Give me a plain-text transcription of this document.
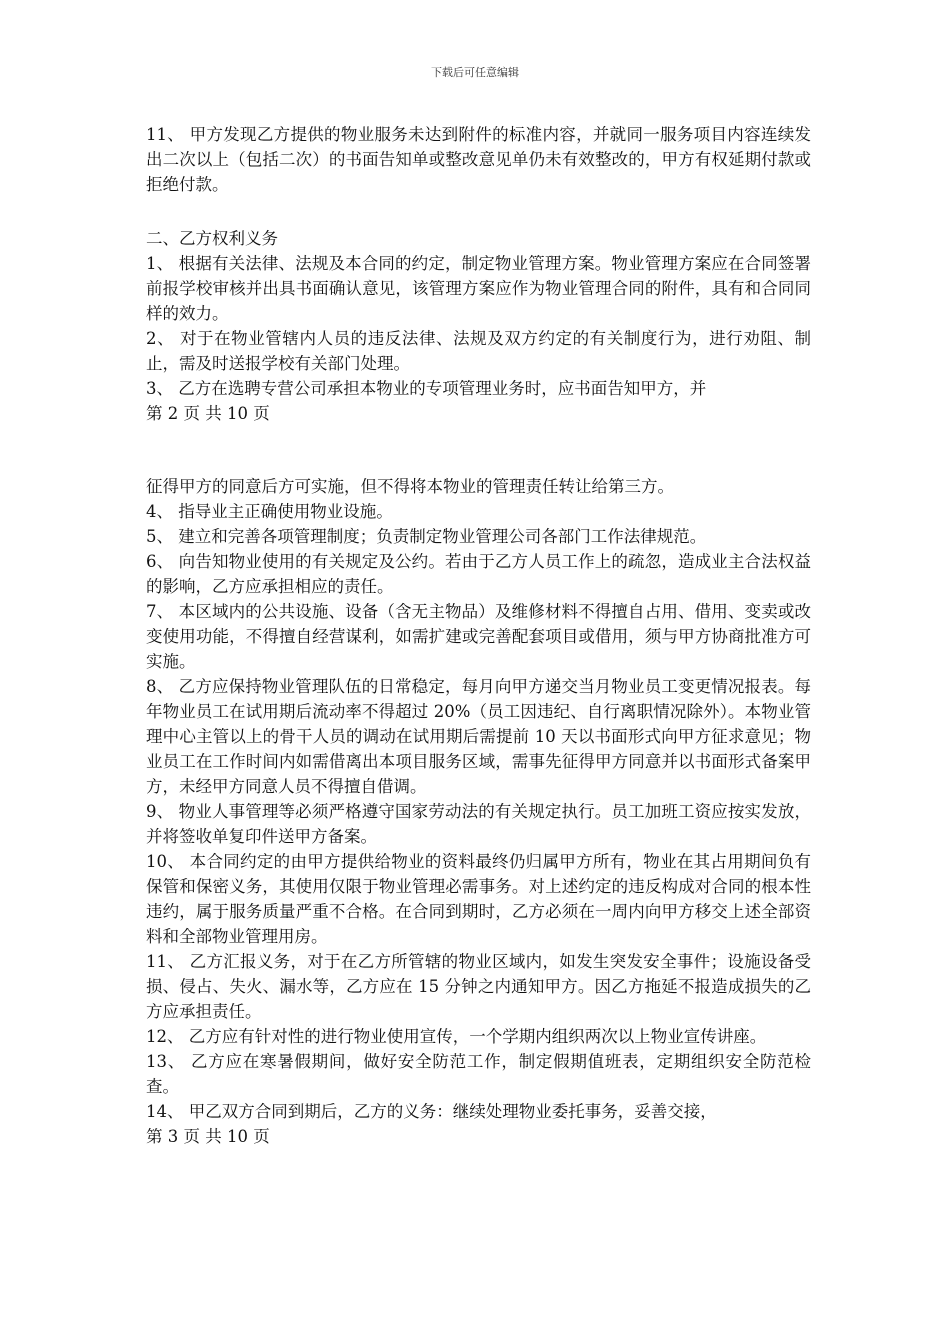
下载后可任意编辑

11、 甲方发现乙方提供的物业服务未达到附件的标准内容，并就同一服务项目内容连续发出二次以上（包括二次）的书面告知单或整改意见单仍未有效整改的，甲方有权延期付款或拒绝付款。

二、乙方权利义务

1、 根据有关法律、法规及本合同的约定，制定物业管理方案。物业管理方案应在合同签署前报学校审核并出具书面确认意见，该管理方案应作为物业管理合同的附件，具有和合同同样的效力。

2、 对于在物业管辖内人员的违反法律、法规及双方约定的有关制度行为，进行劝阻、制止，需及时送报学校有关部门处理。

3、 乙方在选聘专营公司承担本物业的专项管理业务时，应书面告知甲方，并

第 2 页 共 10 页

征得甲方的同意后方可实施，但不得将本物业的管理责任转让给第三方。

4、 指导业主正确使用物业设施。

5、 建立和完善各项管理制度；负责制定物业管理公司各部门工作法律规范。

6、 向告知物业使用的有关规定及公约。若由于乙方人员工作上的疏忽，造成业主合法权益的影响，乙方应承担相应的责任。

7、 本区域内的公共设施、设备（含无主物品）及维修材料不得擅自占用、借用、变卖或改变使用功能，不得擅自经营谋利，如需扩建或完善配套项目或借用，须与甲方协商批准方可实施。

8、 乙方应保持物业管理队伍的日常稳定，每月向甲方递交当月物业员工变更情况报表。每年物业员工在试用期后流动率不得超过 20%（员工因违纪、自行离职情况除外）。本物业管理中心主管以上的骨干人员的调动在试用期后需提前 10 天以书面形式向甲方征求意见；物业员工在工作时间内如需借离出本项目服务区域，需事先征得甲方同意并以书面形式备案甲方，未经甲方同意人员不得擅自借调。

9、 物业人事管理等必须严格遵守国家劳动法的有关规定执行。员工加班工资应按实发放，并将签收单复印件送甲方备案。

10、 本合同约定的由甲方提供给物业的资料最终仍归属甲方所有，物业在其占用期间负有保管和保密义务，其使用仅限于物业管理必需事务。对上述约定的违反构成对合同的根本性违约，属于服务质量严重不合格。在合同到期时，乙方必须在一周内向甲方移交上述全部资料和全部物业管理用房。

11、 乙方汇报义务，对于在乙方所管辖的物业区域内，如发生突发安全事件；设施设备受损、侵占、失火、漏水等，乙方应在 15 分钟之内通知甲方。因乙方拖延不报造成损失的乙方应承担责任。

12、 乙方应有针对性的进行物业使用宣传，一个学期内组织两次以上物业宣传讲座。

13、 乙方应在寒暑假期间，做好安全防范工作，制定假期值班表，定期组织安全防范检查。

14、 甲乙双方合同到期后，乙方的义务：继续处理物业委托事务，妥善交接，

第 3 页 共 10 页
